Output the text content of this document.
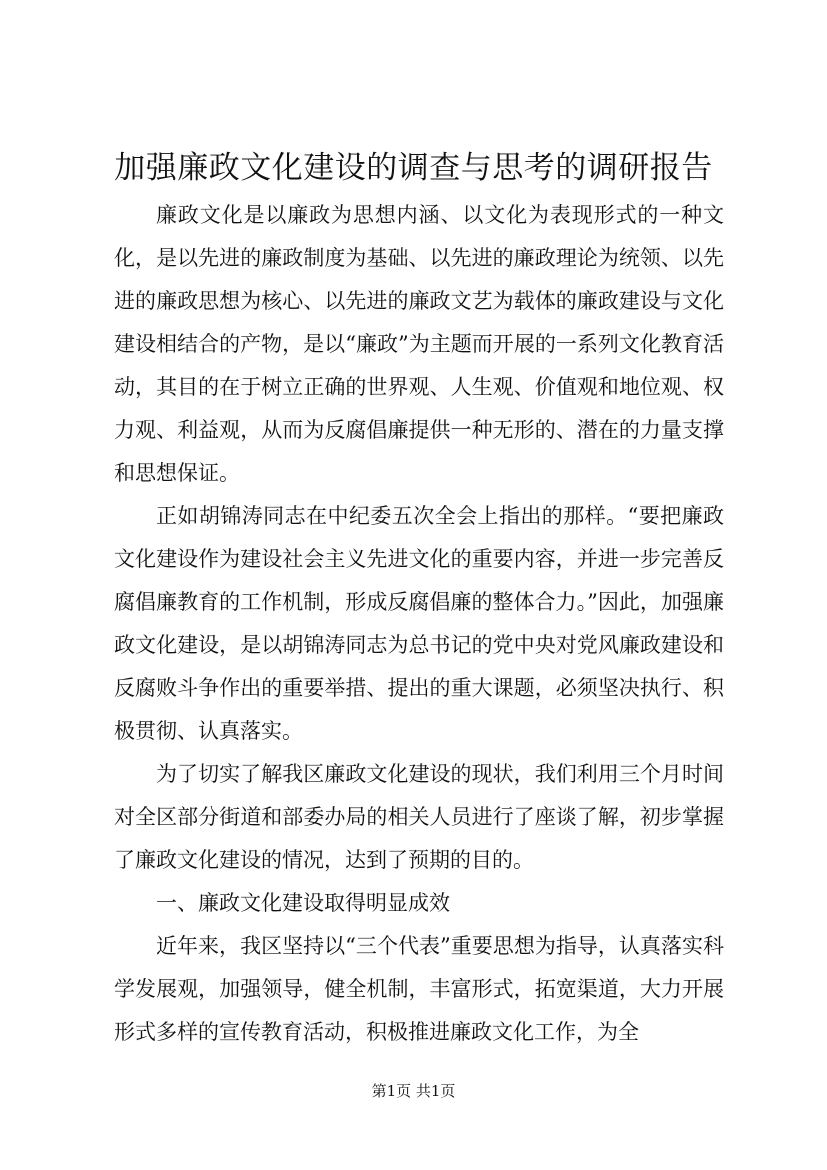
加强廉政文化建设的调查与思考的调研报告

廉政文化是以廉政为思想内涵、以文化为表现形式的一种文化，是以先进的廉政制度为基础、以先进的廉政理论为统领、以先进的廉政思想为核心、以先进的廉政文艺为载体的廉政建设与文化建设相结合的产物，是以“廉政”为主题而开展的一系列文化教育活动，其目的在于树立正确的世界观、人生观、价值观和地位观、权力观、利益观，从而为反腐倡廉提供一种无形的、潜在的力量支撑和思想保证。

正如胡锦涛同志在中纪委五次全会上指出的那样。“要把廉政文化建设作为建设社会主义先进文化的重要内容，并进一步完善反腐倡廉教育的工作机制，形成反腐倡廉的整体合力。”因此，加强廉政文化建设，是以胡锦涛同志为总书记的党中央对党风廉政建设和反腐败斗争作出的重要举措、提出的重大课题，必须坚决执行、积极贯彻、认真落实。

为了切实了解我区廉政文化建设的现状，我们利用三个月时间对全区部分街道和部委办局的相关人员进行了座谈了解，初步掌握了廉政文化建设的情况，达到了预期的目的。

一、廉政文化建设取得明显成效

近年来，我区坚持以“三个代表”重要思想为指导，认真落实科学发展观，加强领导，健全机制，丰富形式，拓宽渠道，大力开展形式多样的宣传教育活动，积极推进廉政文化工作，为全

第1页 共1页
